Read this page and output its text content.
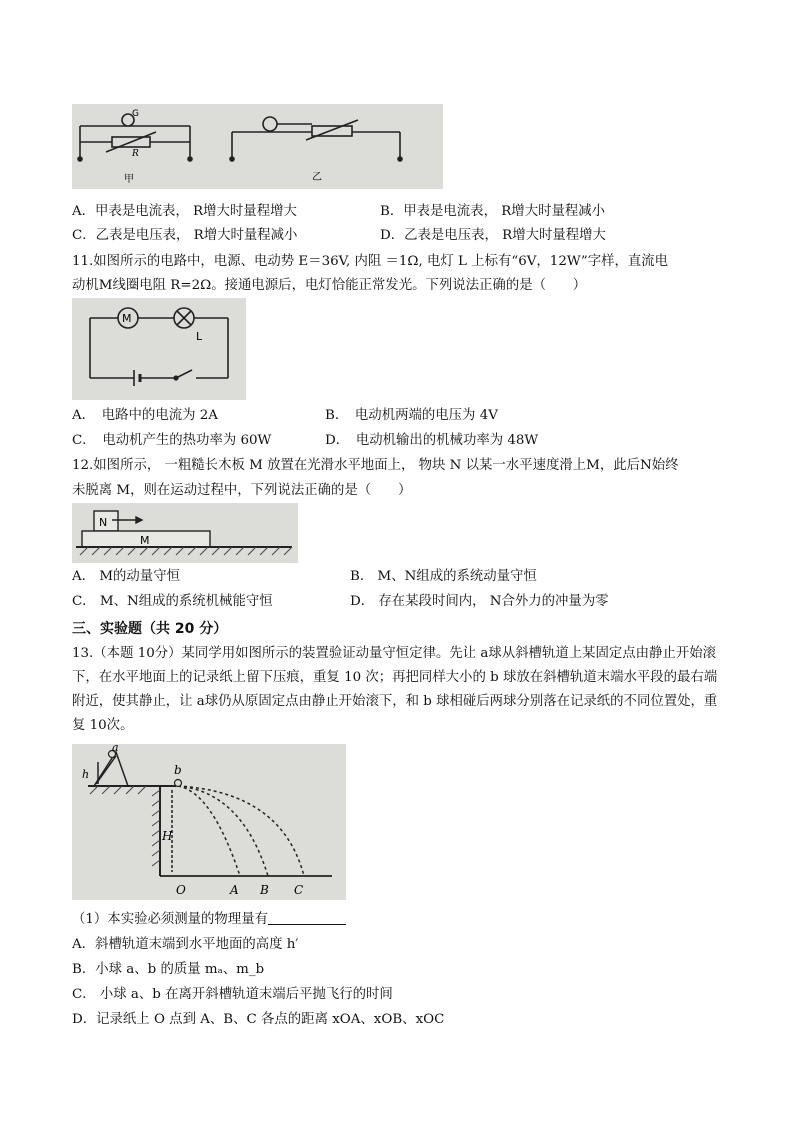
G
R
甲	乙
A．甲表是电流表， R增大时量程增大	B．甲表是电流表， R增大时量程减小
C．乙表是电压表， R增大时量程减小	D．乙表是电压表， R增大时量程增大
11.如图所示的电路中，电源、电动势 E＝36V, 内阻 ＝1Ω, 电灯 L 上标有“6V，12W”字样，直流电
动机M线圈电阻 R=2Ω。接通电源后，电灯恰能正常发光。下列说法正确的是（　　）
M
L
A．　电路中的电流为 2A	B．　电动机两端的电压为 4V
C．　电动机产生的热功率为 60W	D．　电动机输出的机械功率为 48W
12.如图所示， 一粗糙长木板 M 放置在光滑水平地面上， 物块 N 以某一水平速度滑上M，此后N始终
未脱离 M，则在运动过程中，下列说法正确的是（　　）
N
M
A． M的动量守恒	B． M、N组成的系统动量守恒
C． M、N组成的系统机械能守恒	D． 存在某段时间内， N合外力的冲量为零
三、实验题（共 20 分）
13.（本题 10分）某同学用如图所示的装置验证动量守恒定律。先让 a球从斜槽轨道上某固定点由静止开始滚下，在水平地面上的记录纸上留下压痕，重复 10 次；再把同样大小的 b 球放在斜槽轨道末端水平段的最右端附近，使其静止，让 a球仍从原固定点由静止开始滚下，和 b 球相碰后两球分别落在记录纸的不同位置处，重复 10次。
a
b
h
H
O	A B C
（1）本实验必须测量的物理量有
A．斜槽轨道末端到水平地面的高度 h′
B．小球 a、b 的质量 mₐ、m_b
C． 小球 a、b 在离开斜槽轨道末端后平抛飞行的时间
D．记录纸上 O 点到 A、B、C 各点的距离 xOA、xOB、xOC
